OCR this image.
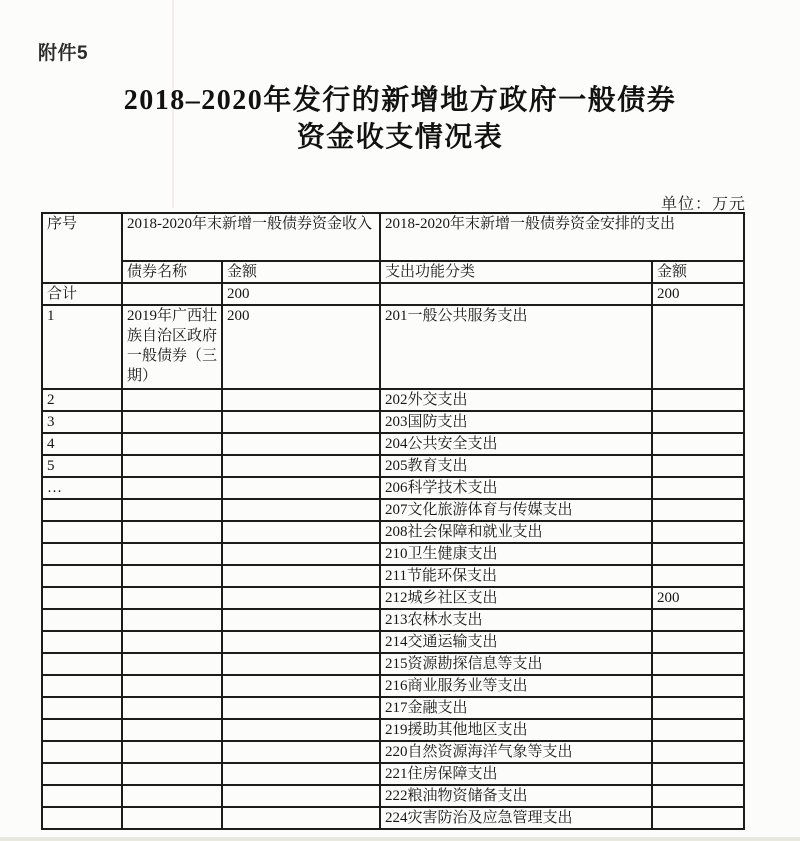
附件5
2018–2020年发行的新增地方政府一般债券
资金收支情况表
单位：万元
序号	2018-2020年末新增一般债券资金收入		2018-2020年末新增一般债券资金安排的支出	
	债券名称	金额	支出功能分类	金额
合计		200		200
1	2019年广西壮族自治区政府一般债券（三期）	200	201一般公共服务支出	
2			202外交支出	
3			203国防支出	
4			204公共安全支出	
5			205教育支出	
…			206科学技术支出	
			207文化旅游体育与传媒支出	
			208社会保障和就业支出	
			210卫生健康支出	
			211节能环保支出	
			212城乡社区支出	200
			213农林水支出	
			214交通运输支出	
			215资源勘探信息等支出	
			216商业服务业等支出	
			217金融支出	
			219援助其他地区支出	
			220自然资源海洋气象等支出	
			221住房保障支出	
			222粮油物资储备支出	
			224灾害防治及应急管理支出	
